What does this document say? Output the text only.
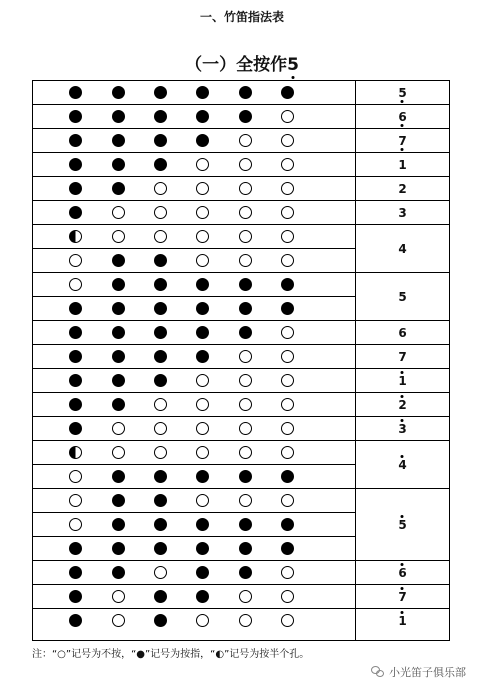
一、竹笛指法表
（一）全按作5
5
6
7
1
2
3
4
5
6
7
1
2
3
4
5
6
7
1
注：“○”记号为不按，“●”记号为按指，“◐”记号为按半个孔。
小光笛子俱乐部
